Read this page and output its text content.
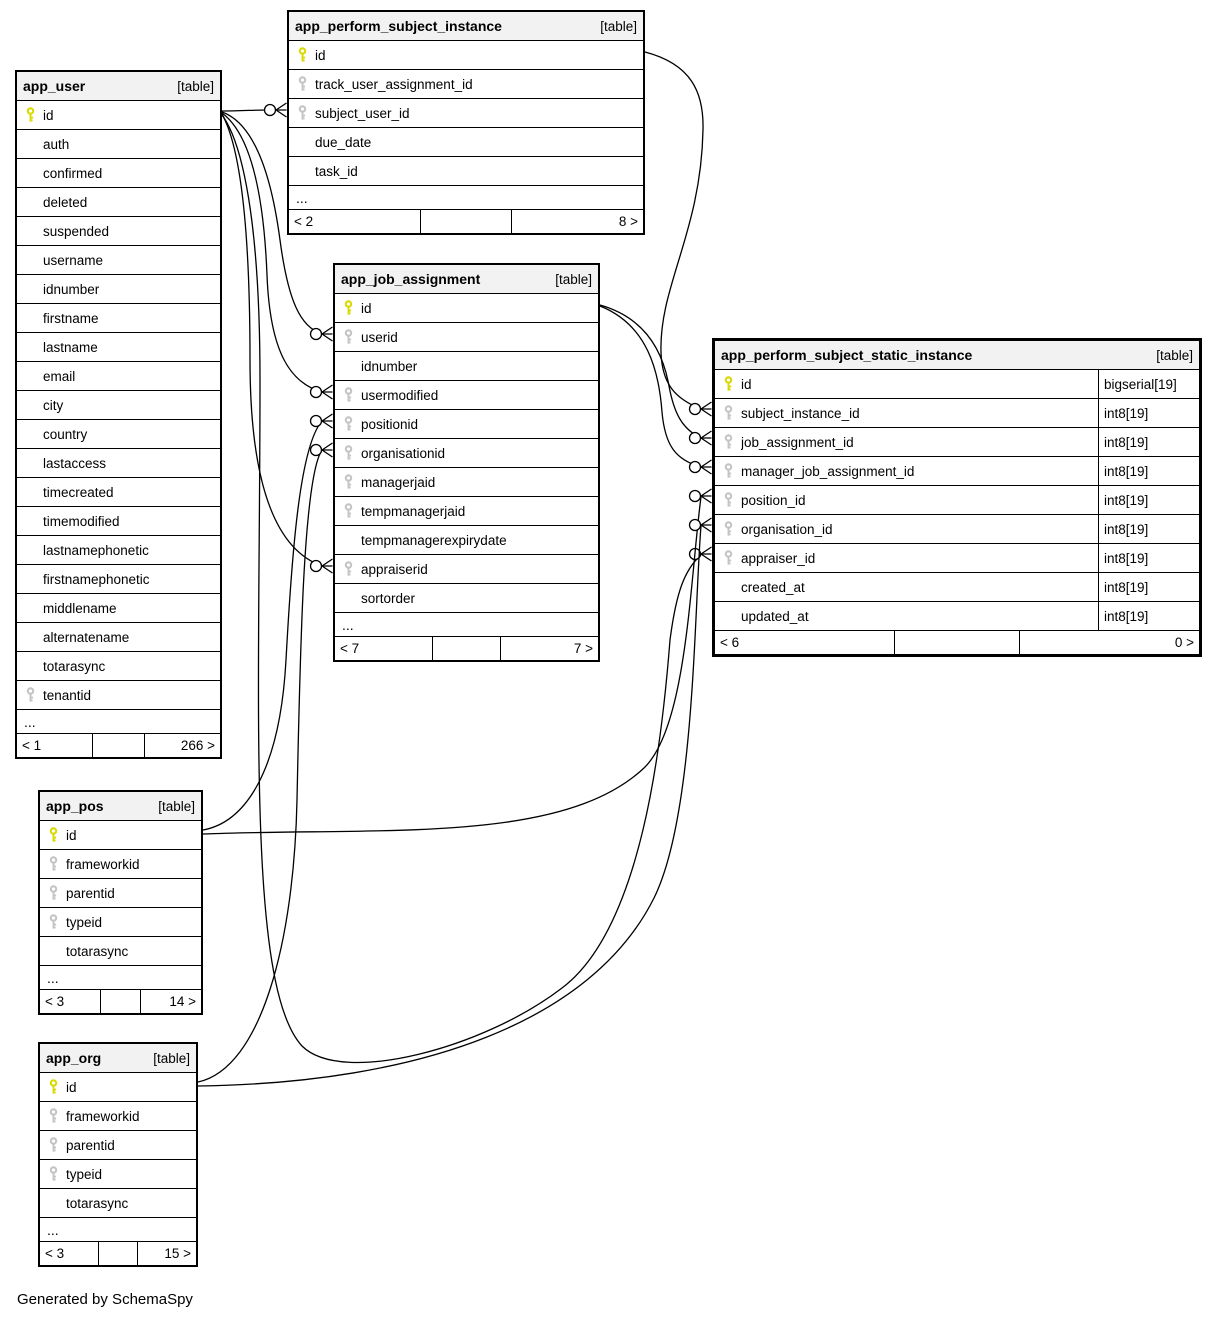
app_perform_subject_instance	[table]
id
track_user_assignment_id
subject_user_id
due_date
task_id
...
< 2	8 >
app_user	[table]
id
auth
confirmed
deleted
suspended
username
idnumber
firstname
lastname
email
city
country
lastaccess
timecreated
timemodified
lastnamephonetic
firstnamephonetic
middlename
alternatename
totarasync
tenantid
...
< 1	266 >
app_job_assignment	[table]
id
userid
idnumber
usermodified
positionid
organisationid
managerjaid
tempmanagerjaid
tempmanagerexpirydate
appraiserid
sortorder
...
< 7	7 >
app_perform_subject_static_instance	[table]
id	bigserial[19]
subject_instance_id	int8[19]
job_assignment_id	int8[19]
manager_job_assignment_id	int8[19]
position_id	int8[19]
organisation_id	int8[19]
appraiser_id	int8[19]
created_at	int8[19]
updated_at	int8[19]
< 6	0 >
app_pos	[table]
id
frameworkid
parentid
typeid
totarasync
...
< 3	14 >
app_org	[table]
id
frameworkid
parentid
typeid
totarasync
...
< 3	15 >
Generated by SchemaSpy
